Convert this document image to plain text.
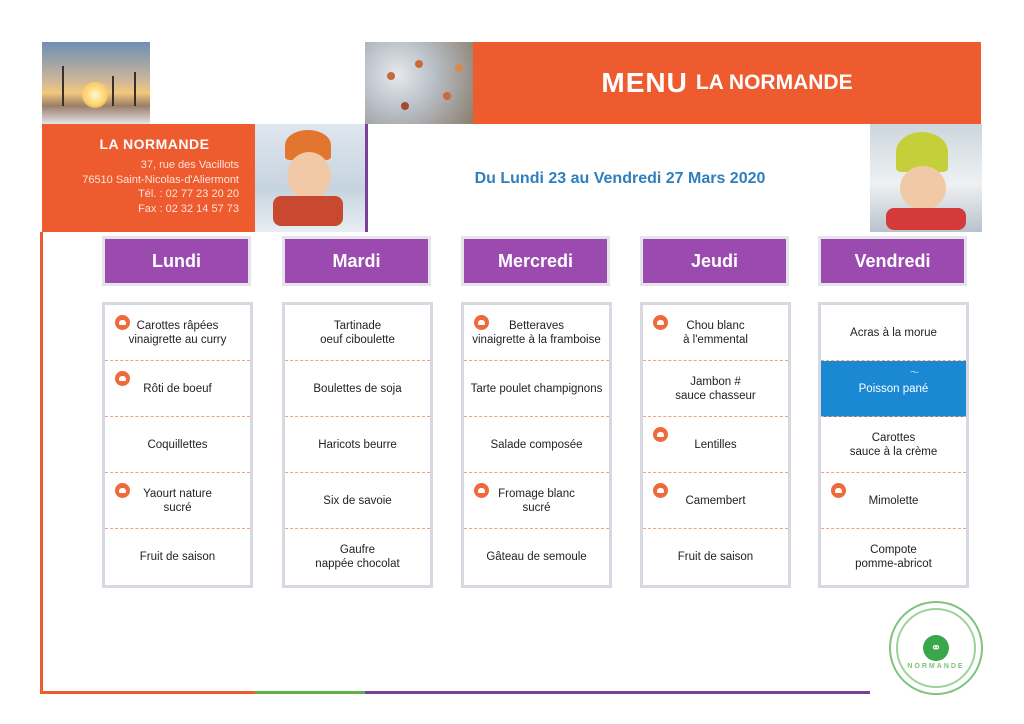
MENU LA NORMANDE
LA NORMANDE
37, rue des Vacillots
76510 Saint-Nicolas-d'Aliermont
Tél. : 02 77 23 20 20
Fax : 02 32 14 57 73
Du Lundi 23 au Vendredi 27 Mars 2020
Lundi
Carottes râpées
vinaigrette au curry
Rôti de boeuf
Coquillettes
Yaourt nature
sucré
Fruit de saison
Mardi
Tartinade
oeuf ciboulette
Boulettes de soja
Haricots beurre
Six de savoie
Gaufre
nappée chocolat
Mercredi
Betteraves
vinaigrette à la framboise
Tarte poulet champignons
Salade composée
Fromage blanc
sucré
Gâteau de semoule
Jeudi
Chou blanc
à l'emmental
Jambon #
sauce chasseur
Lentilles
Camembert
Fruit de saison
Vendredi
Acras à la morue
〜
Poisson pané
Carottes
sauce à la crème
Mimolette
Compote
pomme-abricot
⚭
NORMANDE
